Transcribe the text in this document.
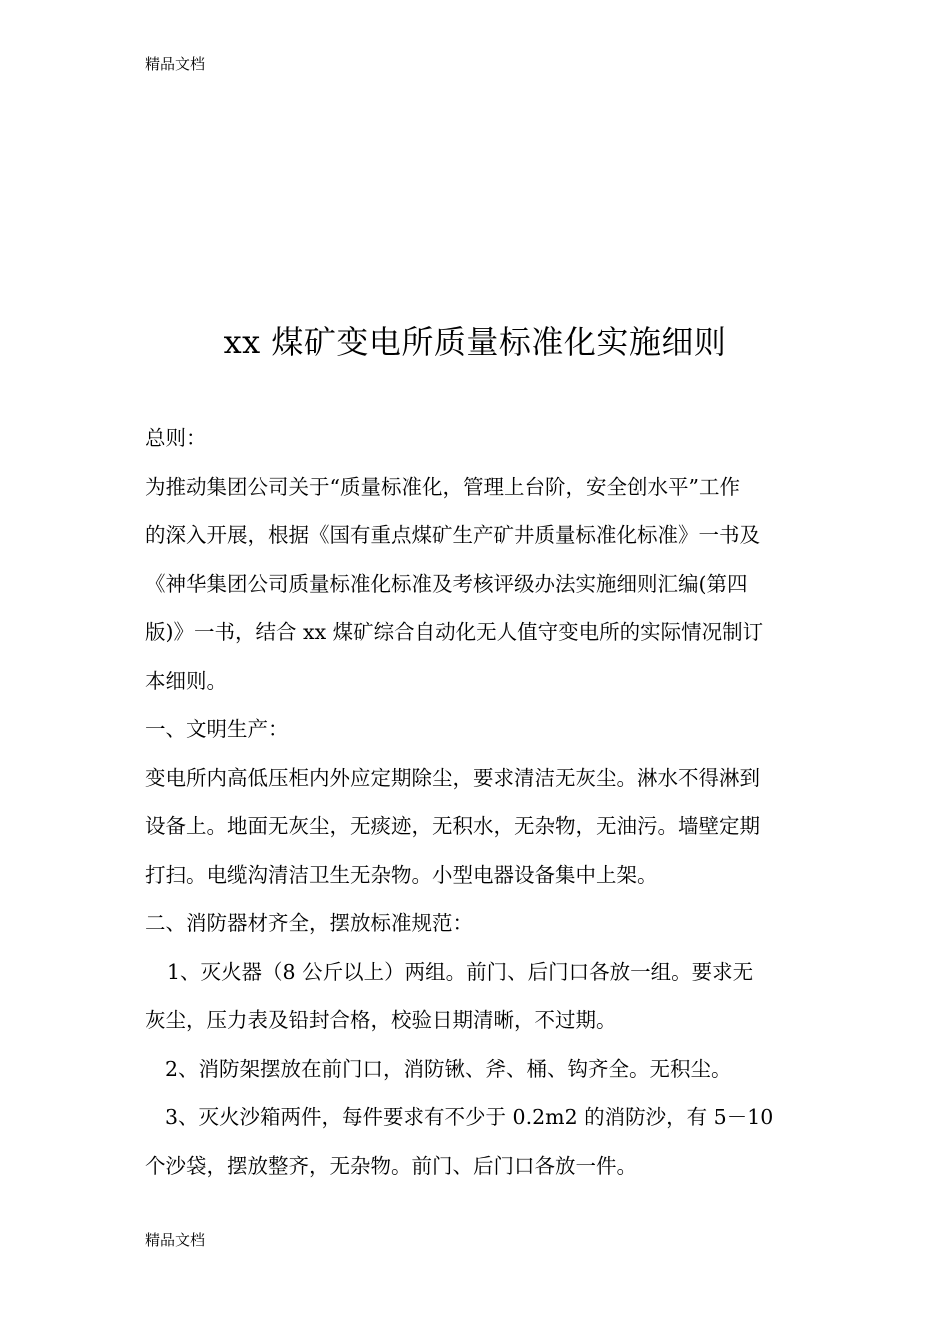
精品文档
xx 煤矿变电所质量标准化实施细则
总则：
为推动集团公司关于“质量标准化，管理上台阶，安全创水平”工作
的深入开展，根据《国有重点煤矿生产矿井质量标准化标准》一书及
《神华集团公司质量标准化标准及考核评级办法实施细则汇编(第四
版)》一书，结合 xx 煤矿综合自动化无人值守变电所的实际情况制订
本细则。
一、文明生产：
变电所内高低压柜内外应定期除尘，要求清洁无灰尘。淋水不得淋到
设备上。地面无灰尘，无痰迹，无积水，无杂物，无油污。墙壁定期
打扫。电缆沟清洁卫生无杂物。小型电器设备集中上架。
二、消防器材齐全，摆放标准规范：
1、灭火器（8 公斤以上）两组。前门、后门口各放一组。要求无
灰尘，压力表及铅封合格，校验日期清晰，不过期。
2、消防架摆放在前门口，消防锹、斧、桶、钩齐全。无积尘。
3、灭火沙箱两件，每件要求有不少于 0.2m2 的消防沙，有 5－10
个沙袋，摆放整齐，无杂物。前门、后门口各放一件。
精品文档
